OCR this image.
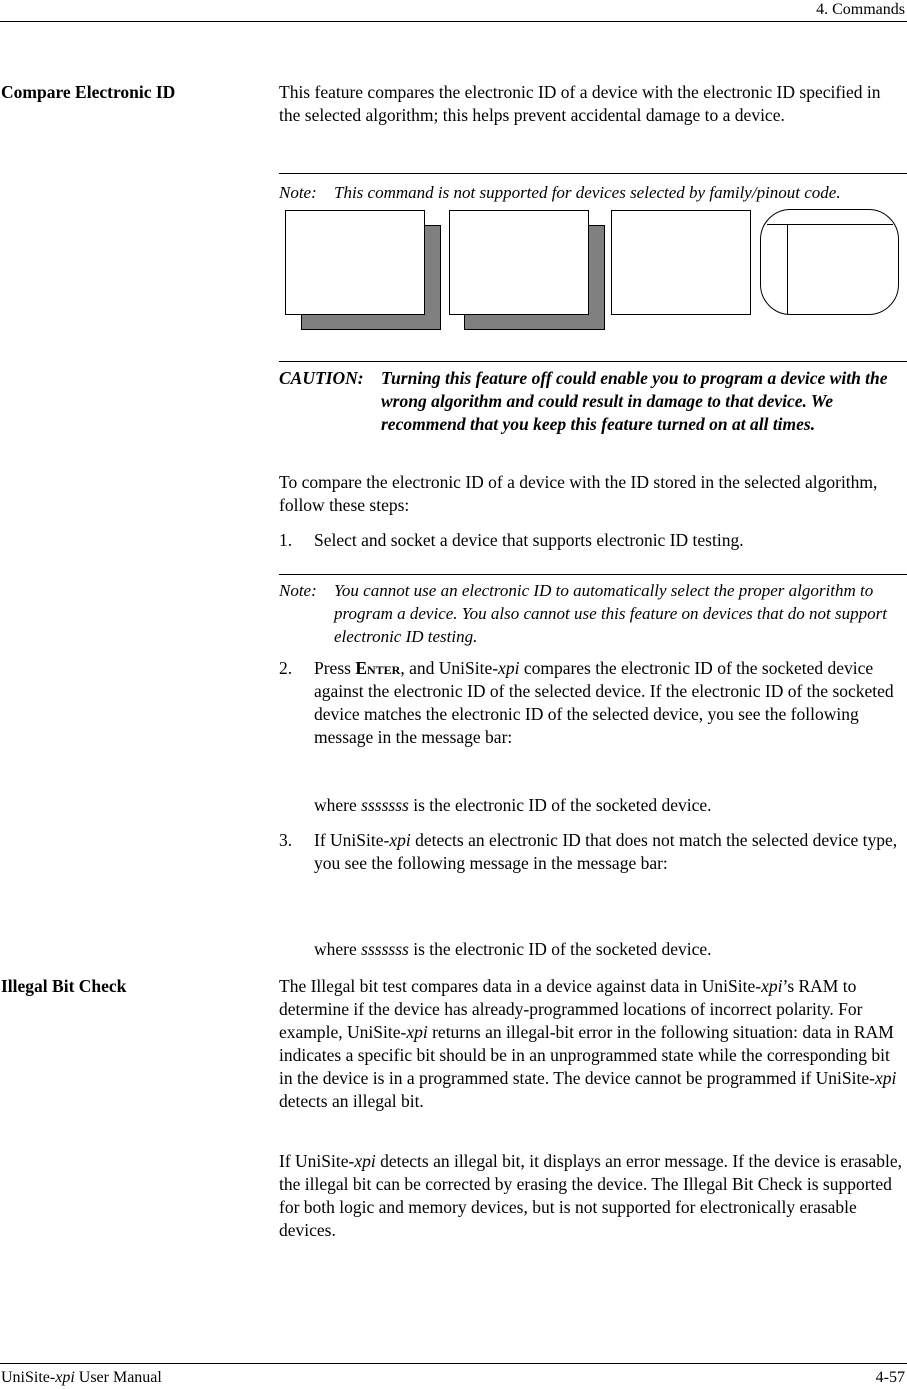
4. Commands
Compare Electronic ID	This feature compares the electronic ID of a device with the electronic ID specified in the selected algorithm; this helps prevent accidental damage to a device.

Note:	This command is not supported for devices selected by family/pinout code.
CAUTION: Turning this feature off could enable you to program a device with the wrong algorithm and could result in damage to that device. We recommend that you keep this feature turned on at all times.

To compare the electronic ID of a device with the ID stored in the selected algorithm, follow these steps:

1.	Select and socket a device that supports electronic ID testing.
Note:	You cannot use an electronic ID to automatically select the proper algorithm to program a device. You also cannot use this feature on devices that do not support electronic ID testing.
2.	Press Enter, and UniSite-xpi compares the electronic ID of the socketed device against the electronic ID of the selected device. If the electronic ID of the socketed device matches the electronic ID of the selected device, you see the following message in the message bar:
where sssssss is the electronic ID of the socketed device.
3.	If UniSite-xpi detects an electronic ID that does not match the selected device type, you see the following message in the message bar:
where sssssss is the electronic ID of the socketed device.
Illegal Bit Check	The Illegal bit test compares data in a device against data in UniSite-xpi’s RAM to determine if the device has already-programmed locations of incorrect polarity. For example, UniSite-xpi returns an illegal-bit error in the following situation: data in RAM indicates a specific bit should be in an unprogrammed state while the corresponding bit in the device is in a programmed state. The device cannot be programmed if UniSite-xpi detects an illegal bit.

If UniSite-xpi detects an illegal bit, it displays an error message. If the device is erasable, the illegal bit can be corrected by erasing the device. The Illegal Bit Check is supported for both logic and memory devices, but is not supported for electronically erasable devices.

UniSite-xpi User Manual	4-57
